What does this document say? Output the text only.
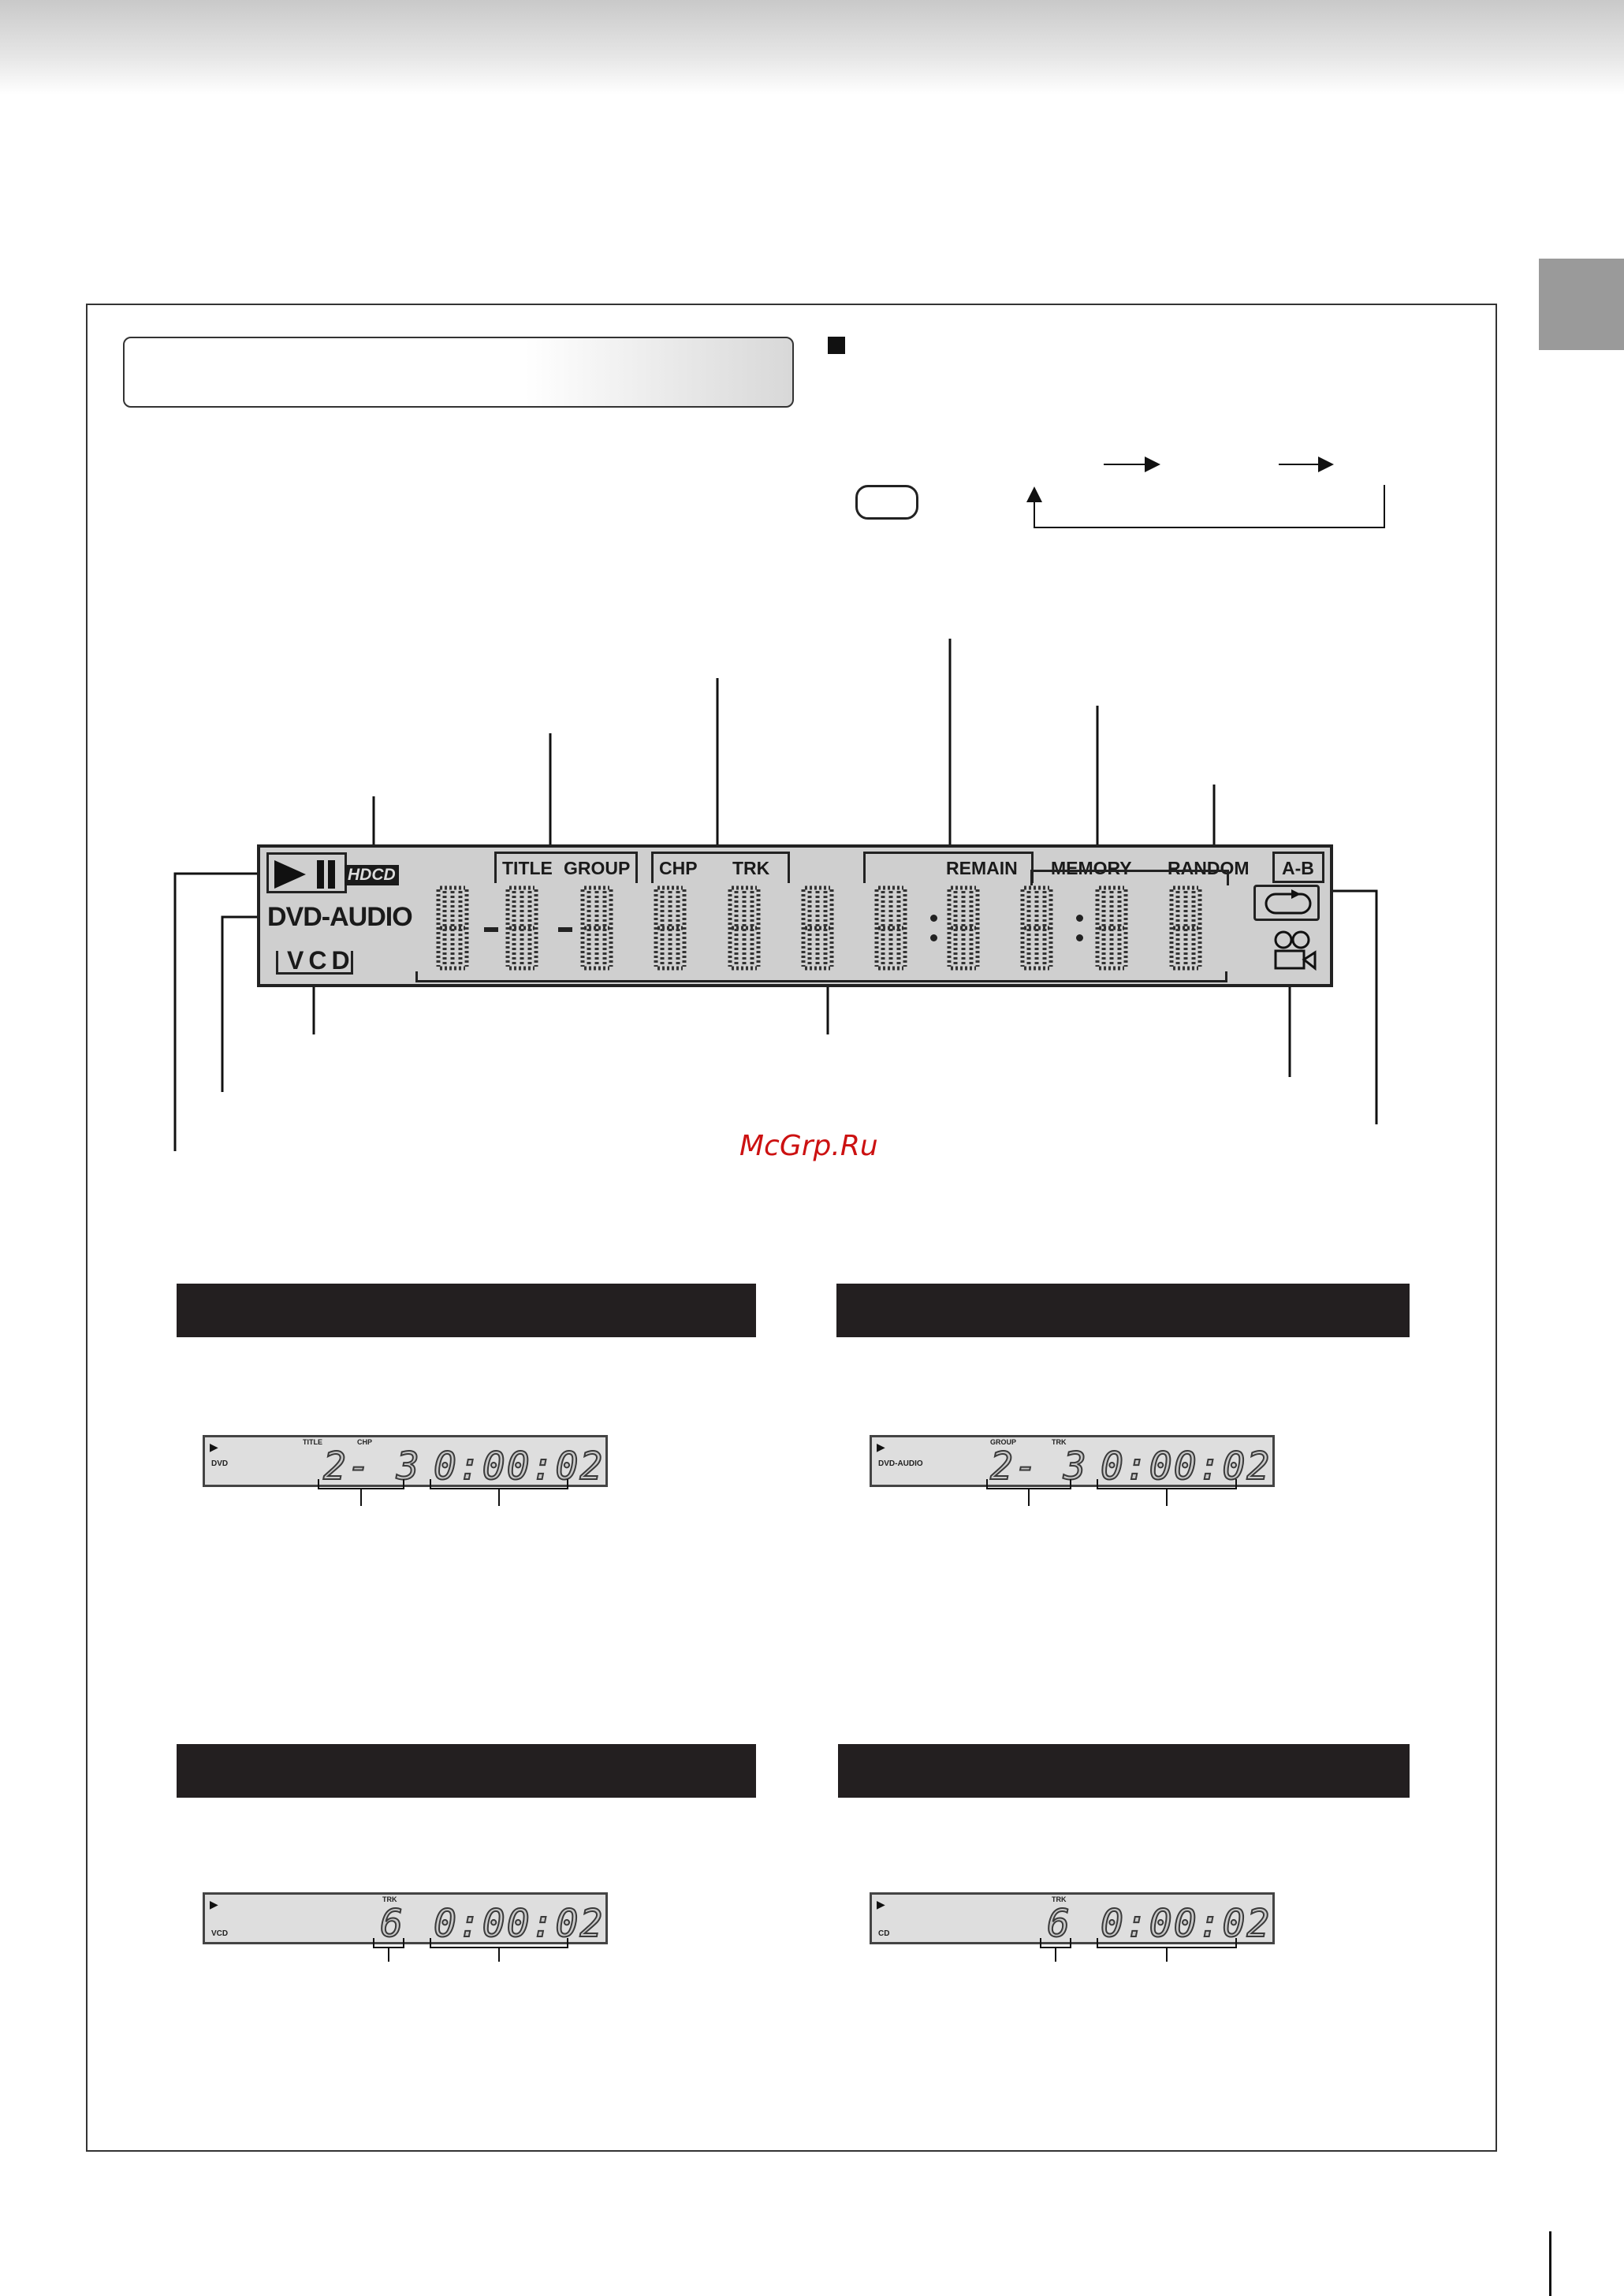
HDCD
DVD-AUDIO
VCD
TITLE GROUP CHP TRK	REMAIN MEMORY RANDOM A-B
McGrp.Ru
▶	TITLE	CHP
DVD	2- 3 0:00:02	▶	GROUP	TRK
DVD-AUDIO 2- 3 0:00:02
▶	TRK
VCD	6 0:00:02	▶	TRK
CD	6 0:00:02
